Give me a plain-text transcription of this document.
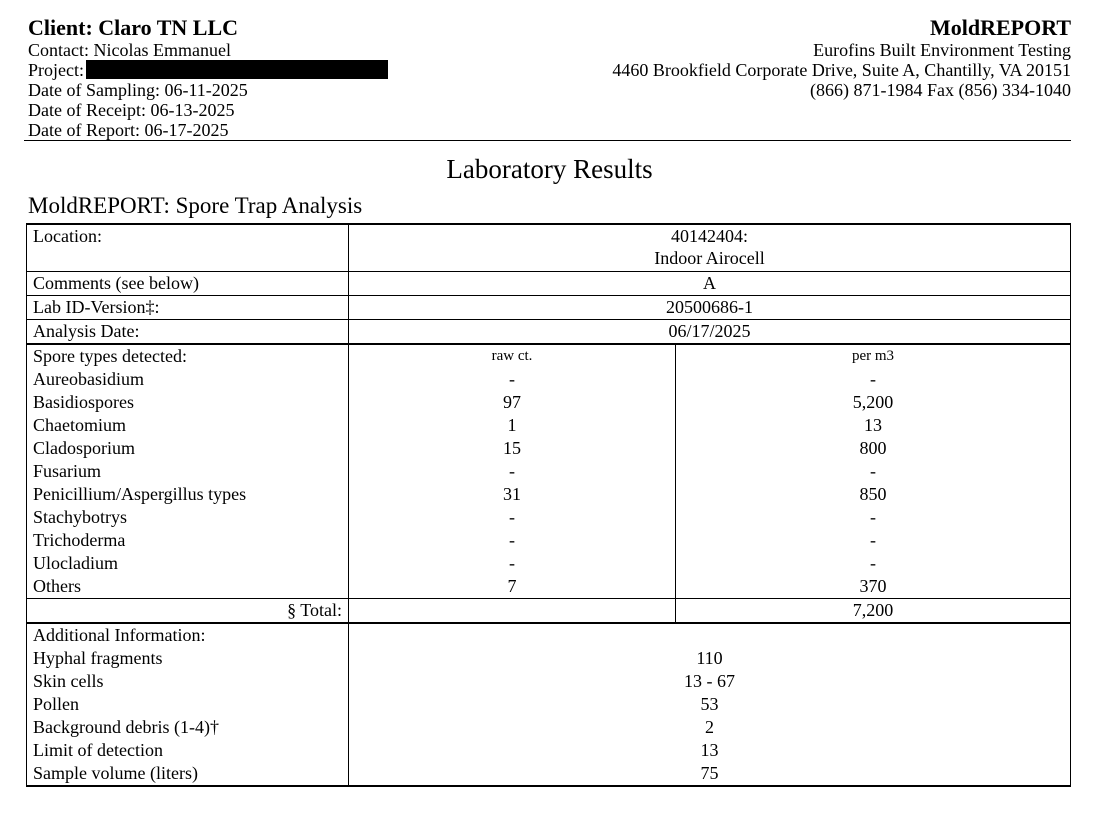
Client: Claro TN LLC
Contact: Nicolas Emmanuel
Project:
Date of Sampling: 06-11-2025
Date of Receipt: 06-13-2025
Date of Report: 06-17-2025
MoldREPORT
Eurofins Built Environment Testing
4460 Brookfield Corporate Drive, Suite A, Chantilly, VA 20151
(866) 871-1984 Fax (856) 334-1040
Laboratory Results
MoldREPORT: Spore Trap Analysis
Location:	40142404:
Indoor Airocell	

Comments (see below)	A	
Lab ID-Version‡:	20500686-1	
Analysis Date:	06/17/2025	
Spore types detected:	raw ct.	per m3
Aureobasidium	-	-
Basidiospores	97	5,200
Chaetomium	1	13
Cladosporium	15	800
Fusarium	-	-
Penicillium/Aspergillus types	31	850
Stachybotrys	-	-
Trichoderma	-	-
Ulocladium	-	-
Others	7	370
§ Total:		7,200
Additional Information:		
Hyphal fragments	110	
Skin cells	13 - 67	
Pollen	53	
Background debris (1-4)†	2	
Limit of detection	13	
Sample volume (liters)	75	
